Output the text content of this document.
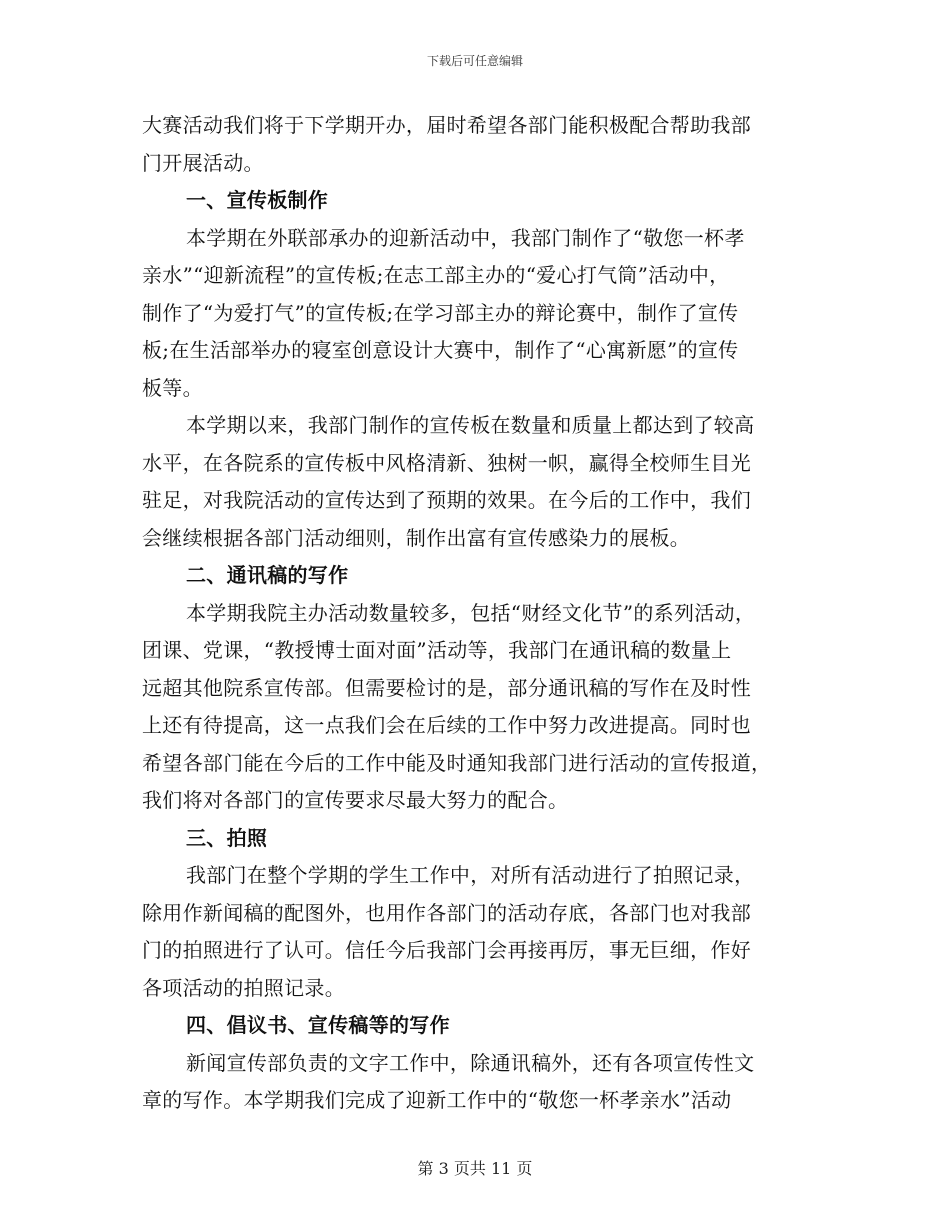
下载后可任意编辑
大赛活动我们将于下学期开办，届时希望各部门能积极配合帮助我部
门开展活动。
一、宣传板制作
本学期在外联部承办的迎新活动中，我部门制作了“敬您一杯孝
亲水”“迎新流程”的宣传板;在志工部主办的“爱心打气筒”活动中，
制作了“为爱打气”的宣传板;在学习部主办的辩论赛中，制作了宣传
板;在生活部举办的寝室创意设计大赛中，制作了“心寓新愿”的宣传
板等。
本学期以来，我部门制作的宣传板在数量和质量上都达到了较高
水平，在各院系的宣传板中风格清新、独树一帜，赢得全校师生目光
驻足，对我院活动的宣传达到了预期的效果。在今后的工作中，我们
会继续根据各部门活动细则，制作出富有宣传感染力的展板。
二、通讯稿的写作
本学期我院主办活动数量较多，包括“财经文化节”的系列活动，
团课、党课，“教授博士面对面”活动等，我部门在通讯稿的数量上
远超其他院系宣传部。但需要检讨的是，部分通讯稿的写作在及时性
上还有待提高，这一点我们会在后续的工作中努力改进提高。同时也
希望各部门能在今后的工作中能及时通知我部门进行活动的宣传报道，
我们将对各部门的宣传要求尽最大努力的配合。
三、拍照
我部门在整个学期的学生工作中，对所有活动进行了拍照记录，
除用作新闻稿的配图外，也用作各部门的活动存底，各部门也对我部
门的拍照进行了认可。信任今后我部门会再接再厉，事无巨细，作好
各项活动的拍照记录。
四、倡议书、宣传稿等的写作
新闻宣传部负责的文字工作中，除通讯稿外，还有各项宣传性文
章的写作。本学期我们完成了迎新工作中的“敬您一杯孝亲水”活动
第 3 页共 11 页
